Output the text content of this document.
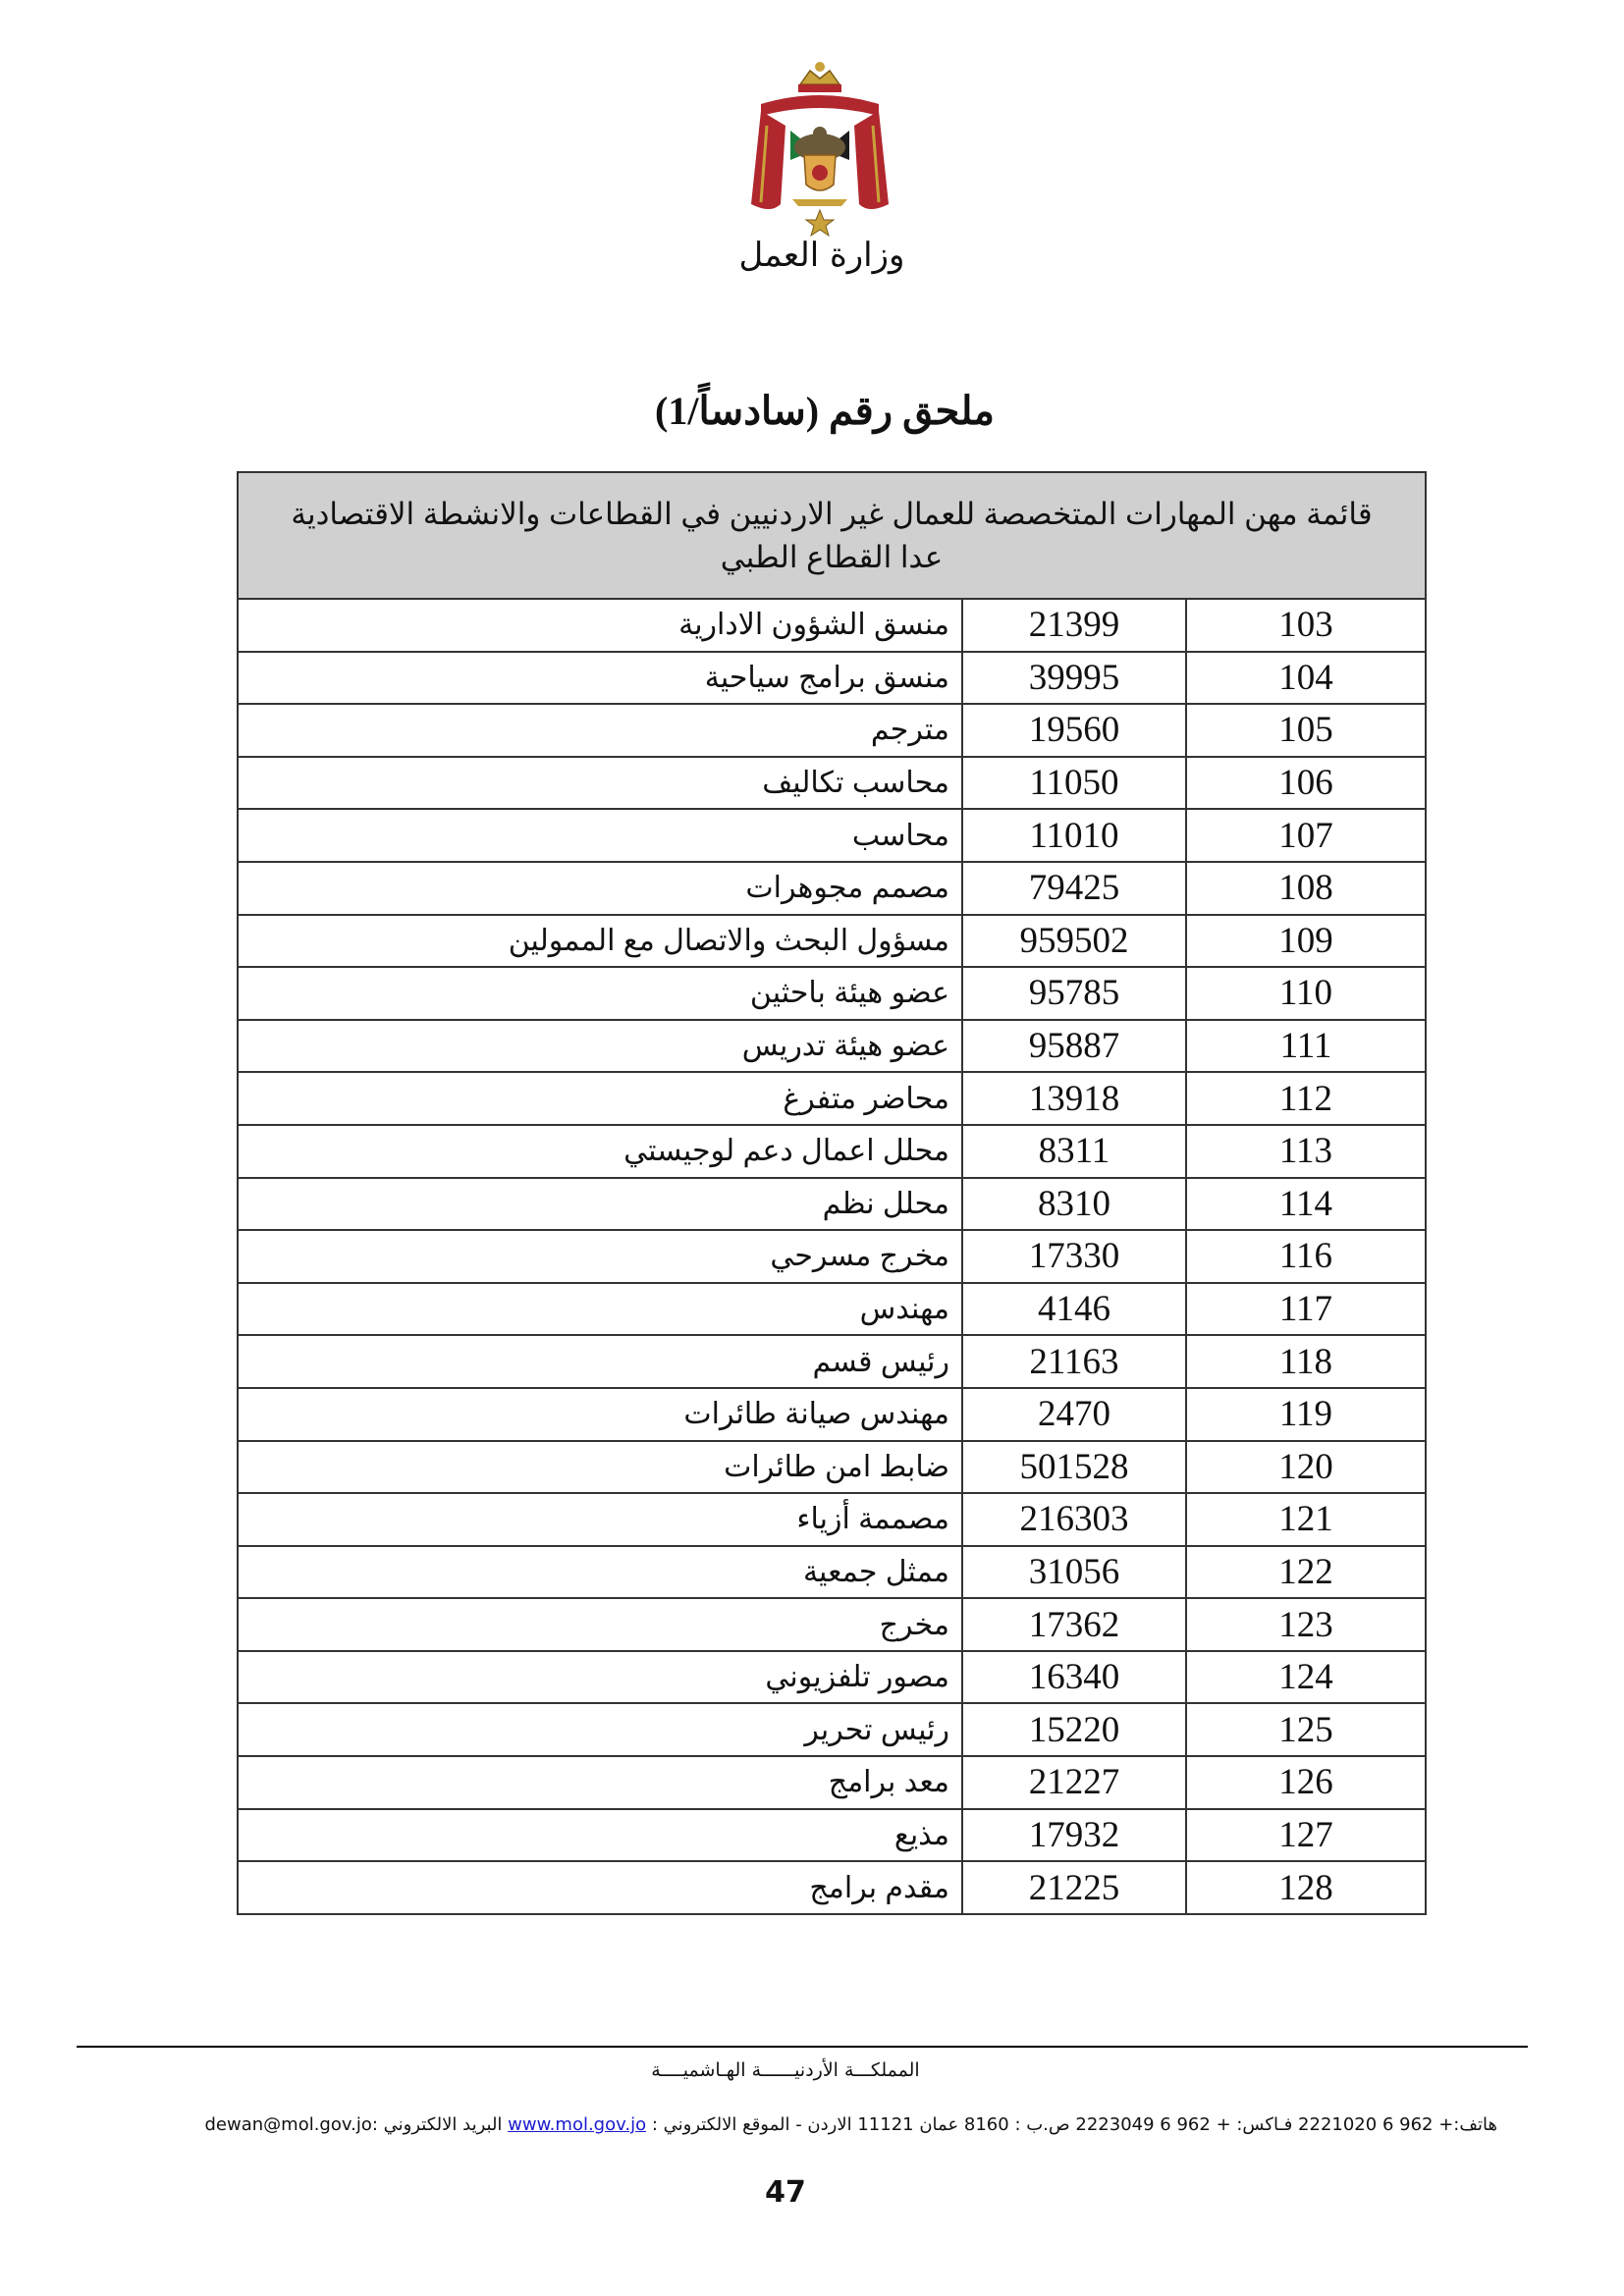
وزارة العمل
ملحق رقم (سادساً/1)
قائمة مهن المهارات المتخصصة للعمال غير الاردنيين في القطاعات والانشطة الاقتصادية عدا القطاع الطبي		
103	21399	منسق الشؤون الادارية
104	39995	منسق برامج سياحية
105	19560	مترجم
106	11050	محاسب تكاليف
107	11010	محاسب
108	79425	مصمم مجوهرات
109	959502	مسؤول البحث والاتصال مع الممولين
110	95785	عضو هيئة باحثين
111	95887	عضو هيئة تدريس
112	13918	محاضر متفرغ
113	8311	محلل اعمال دعم لوجيستي
114	8310	محلل نظم
116	17330	مخرج مسرحي
117	4146	مهندس
118	21163	رئيس قسم
119	2470	مهندس صيانة طائرات
120	501528	ضابط امن طائرات
121	216303	مصممة أزياء
122	31056	ممثل جمعية
123	17362	مخرج
124	16340	مصور تلفزيوني
125	15220	رئيس تحرير
126	21227	معد برامج
127	17932	مذيع
128	21225	مقدم برامج
المملكـــة الأردنيــــــة الهـاشميــــة
هاتف:+ 962 6 2221020 فـاكس: + 962 6 2223049 ص.ب : 8160 عمان 11121 الاردن - الموقع الالكتروني : www.mol.gov.jo البريد الالكتروني :dewan@mol.gov.jo
47
